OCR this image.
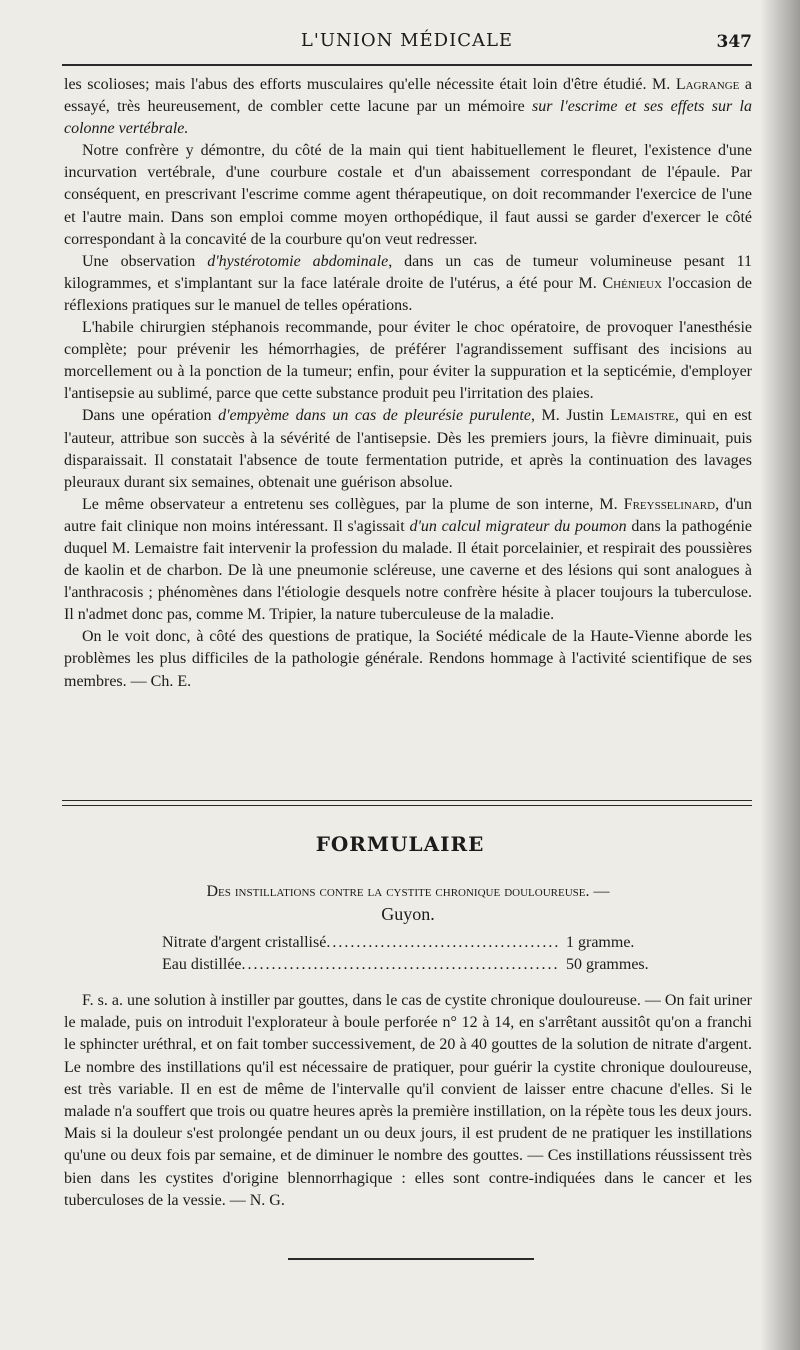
L'UNION MÉDICALE	347

les scolioses; mais l'abus des efforts musculaires qu'elle nécessite était loin d'être étudié. M. Lagrange a essayé, très heureusement, de combler cette lacune par un mémoire sur l'escrime et ses effets sur la colonne vertébrale.

Notre confrère y démontre, du côté de la main qui tient habituellement le fleuret, l'existence d'une incurvation vertébrale, d'une courbure costale et d'un abaissement correspondant de l'épaule. Par conséquent, en prescrivant l'escrime comme agent thérapeutique, on doit recommander l'exercice de l'une et l'autre main. Dans son emploi comme moyen orthopédique, il faut aussi se garder d'exercer le côté correspondant à la concavité de la courbure qu'on veut redresser.

Une observation d'hystérotomie abdominale, dans un cas de tumeur volumineuse pesant 11 kilogrammes, et s'implantant sur la face latérale droite de l'utérus, a été pour M. Chénieux l'occasion de réflexions pratiques sur le manuel de telles opérations.

L'habile chirurgien stéphanois recommande, pour éviter le choc opératoire, de provoquer l'anesthésie complète; pour prévenir les hémorrhagies, de préférer l'agrandissement suffisant des incisions au morcellement ou à la ponction de la tumeur; enfin, pour éviter la suppuration et la septicémie, d'employer l'antisepsie au sublimé, parce que cette substance produit peu l'irritation des plaies.

Dans une opération d'empyème dans un cas de pleurésie purulente, M. Justin Lemaistre, qui en est l'auteur, attribue son succès à la sévérité de l'antisepsie. Dès les premiers jours, la fièvre diminuait, puis disparaissait. Il constatait l'absence de toute fermentation putride, et après la continuation des lavages pleuraux durant six semaines, obtenait une guérison absolue.

Le même observateur a entretenu ses collègues, par la plume de son interne, M. Freysselinard, d'un autre fait clinique non moins intéressant. Il s'agissait d'un calcul migrateur du poumon dans la pathogénie duquel M. Lemaistre fait intervenir la profession du malade. Il était porcelainier, et respirait des poussières de kaolin et de charbon. De là une pneumonie scléreuse, une caverne et des lésions qui sont analogues à l'anthracosis ; phénomènes dans l'étiologie desquels notre confrère hésite à placer toujours la tuberculose. Il n'admet donc pas, comme M. Tripier, la nature tuberculeuse de la maladie.

On le voit donc, à côté des questions de pratique, la Société médicale de la Haute-Vienne aborde les problèmes les plus difficiles de la pathologie générale. Rendons hommage à l'activité scientifique de ses membres. — Ch. E.

FORMULAIRE
Des instillations contre la cystite chronique douloureuse. —
Guyon.
Nitrate d'argent cristallisé . . .	1 gramme.
Eau distillée . . .	50 grammes.

F. s. a. une solution à instiller par gouttes, dans le cas de cystite chronique douloureuse. — On fait uriner le malade, puis on introduit l'explorateur à boule perforée n° 12 à 14, en s'arrêtant aussitôt qu'on a franchi le sphincter uréthral, et on fait tomber successivement, de 20 à 40 gouttes de la solution de nitrate d'argent. Le nombre des instillations qu'il est nécessaire de pratiquer, pour guérir la cystite chronique douloureuse, est très variable. Il en est de même de l'intervalle qu'il convient de laisser entre chacune d'elles. Si le malade n'a souffert que trois ou quatre heures après la première instillation, on la répète tous les deux jours. Mais si la douleur s'est prolongée pendant un ou deux jours, il est prudent de ne pratiquer les instillations qu'une ou deux fois par semaine, et de diminuer le nombre des gouttes. — Ces instillations réussissent très bien dans les cystites d'origine blennorrhagique : elles sont contre-indiquées dans le cancer et les tuberculoses de la vessie. — N. G.
